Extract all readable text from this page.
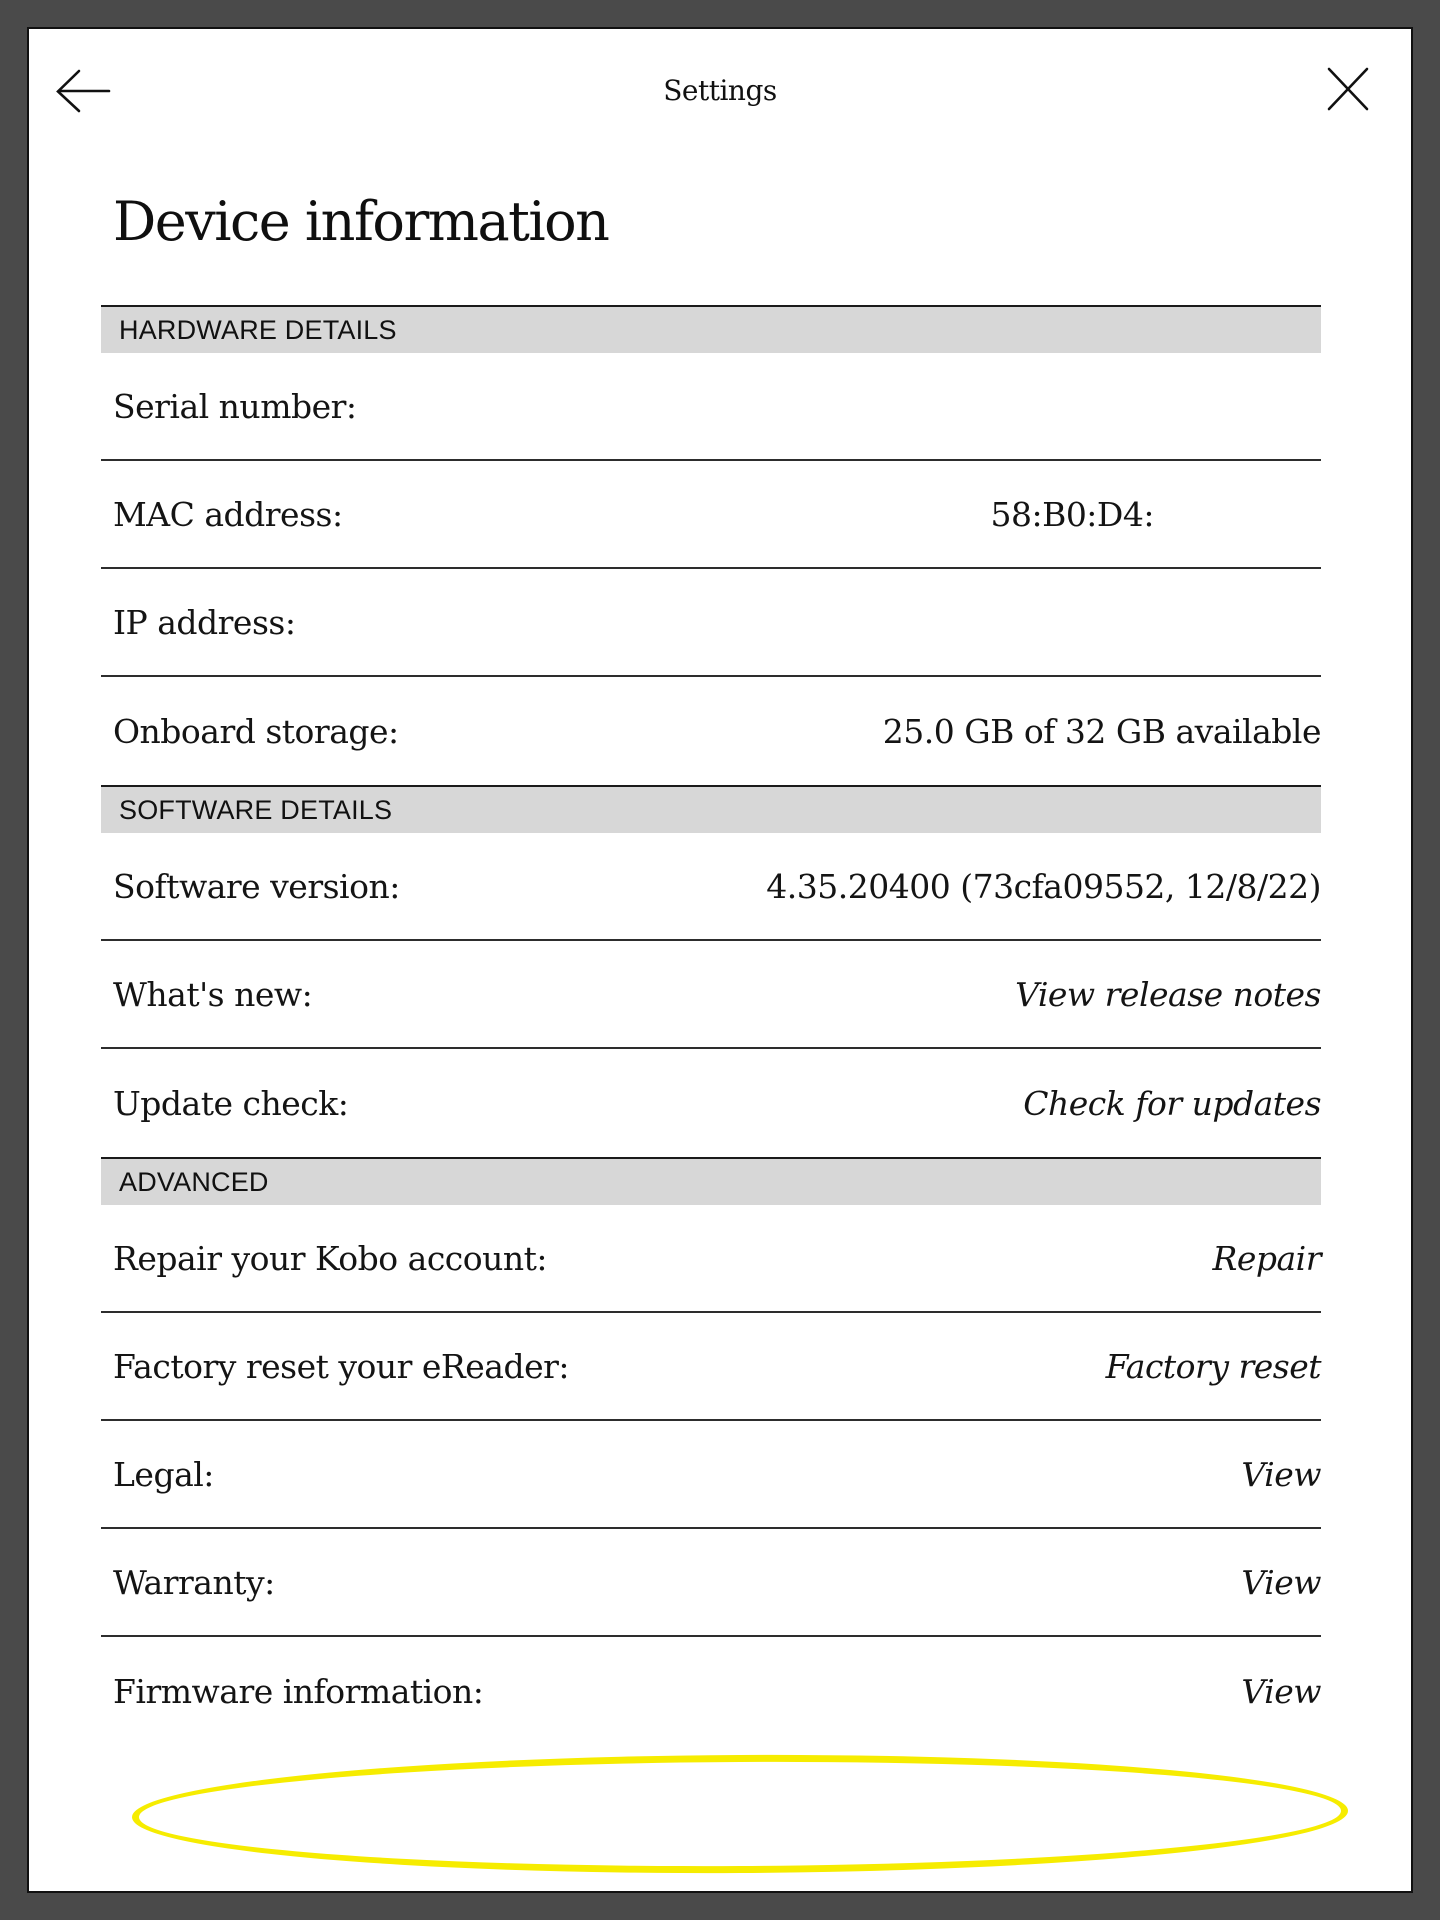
Settings
Device information
HARDWARE DETAILS
Serial number:
MAC address:	58:B0:D4:
IP address:
Onboard storage:	25.0 GB of 32 GB available
SOFTWARE DETAILS
Software version:	4.35.20400 (73cfa09552, 12/8/22)
What's new:	View release notes
Update check:	Check for updates
ADVANCED
Repair your Kobo account:	Repair
Factory reset your eReader:	Factory reset
Legal:	View
Warranty:	View
Firmware information:	View
